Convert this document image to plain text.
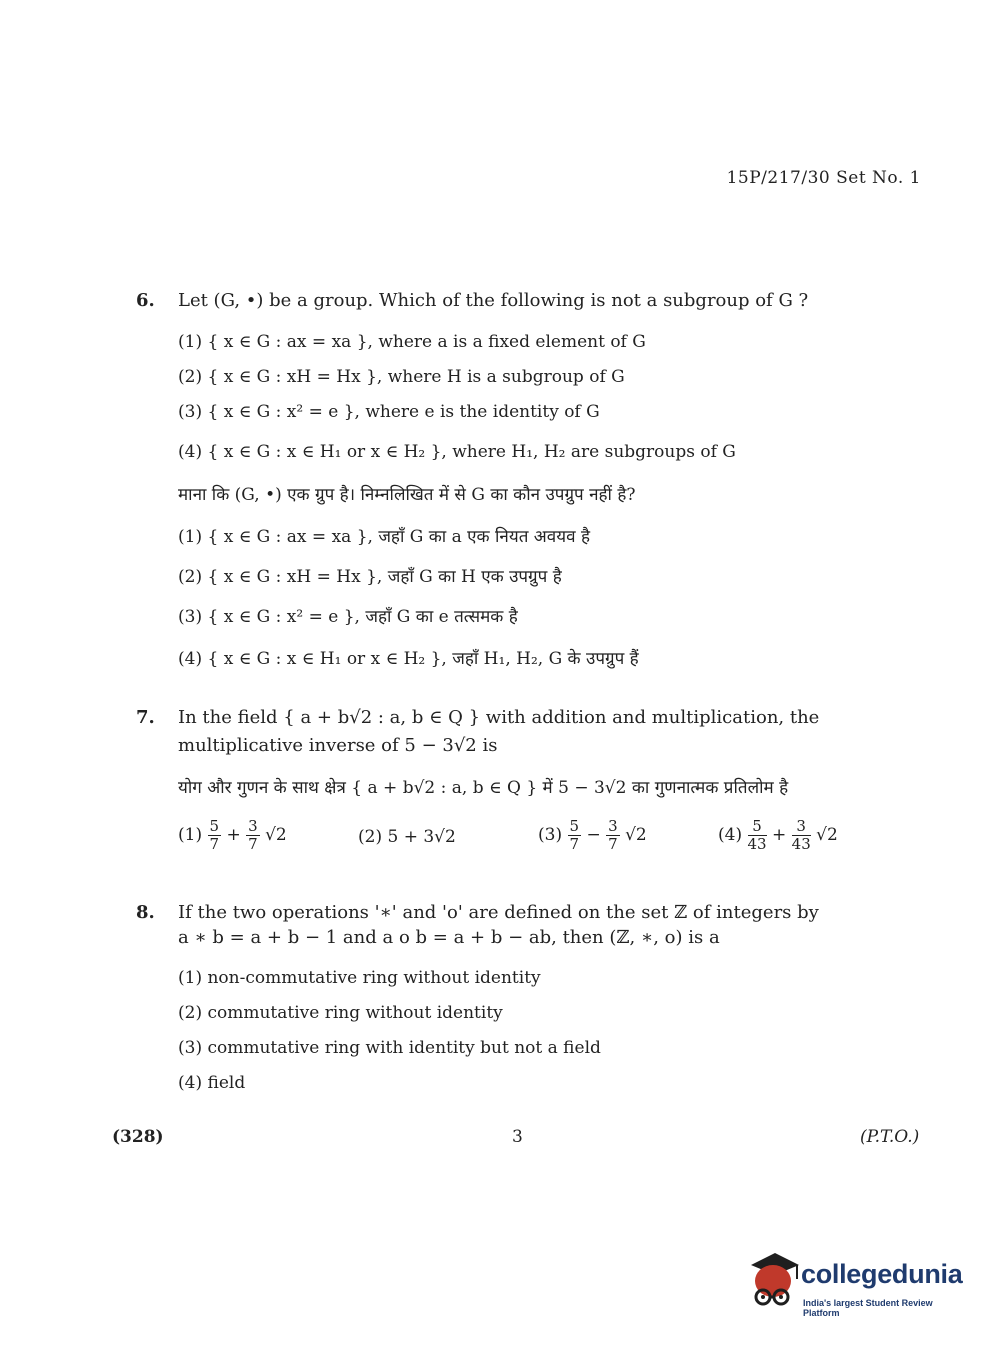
15P/217/30 Set No. 1
6. Let (G, •) be a group. Which of the following is not a subgroup of G ?
(1) { x ∈ G : ax = xa }, where a is a fixed element of G
(2) { x ∈ G : xH = Hx }, where H is a subgroup of G
(3) { x ∈ G : x² = e }, where e is the identity of G
(4) { x ∈ G : x ∈ H₁ or x ∈ H₂ }, where H₁, H₂ are subgroups of G
माना कि (G, •) एक ग्रुप है। निम्नलिखित में से G का कौन उपग्रुप नहीं है?
(1) { x ∈ G : ax = xa }, जहाँ G का a एक नियत अवयव है
(2) { x ∈ G : xH = Hx }, जहाँ G का H एक उपग्रुप है
(3) { x ∈ G : x² = e }, जहाँ G का e तत्समक है
(4) { x ∈ G : x ∈ H₁ or x ∈ H₂ }, जहाँ H₁, H₂, G के उपग्रुप हैं
7. In the field { a + b√2 : a, b ∈ Q } with addition and multiplication, the
multiplicative inverse of 5 − 3√2 is
योग और गुणन के साथ क्षेत्र { a + b√2 : a, b ∈ Q } में 5 − 3√2 का गुणनात्मक प्रतिलोम है
$(1) \frac{5}{7} + \frac{3}{7} √2$	(2) 5 + 3√2	$(3) \frac{5}{7} - \frac{3}{7} √2$	$(4) \frac{5}{43} + \frac{3}{43} √2$
8. If the two operations '∗' and 'o' are defined on the set ℤ of integers by
a ∗ b = a + b − 1 and a o b = a + b − ab, then (ℤ, ∗, o) is a
(1) non-commutative ring without identity
(2) commutative ring without identity
(3) commutative ring with identity but not a field
(4) field
(328)	3	(P.T.O.)
collegedunia
India's largest Student Review Platform
